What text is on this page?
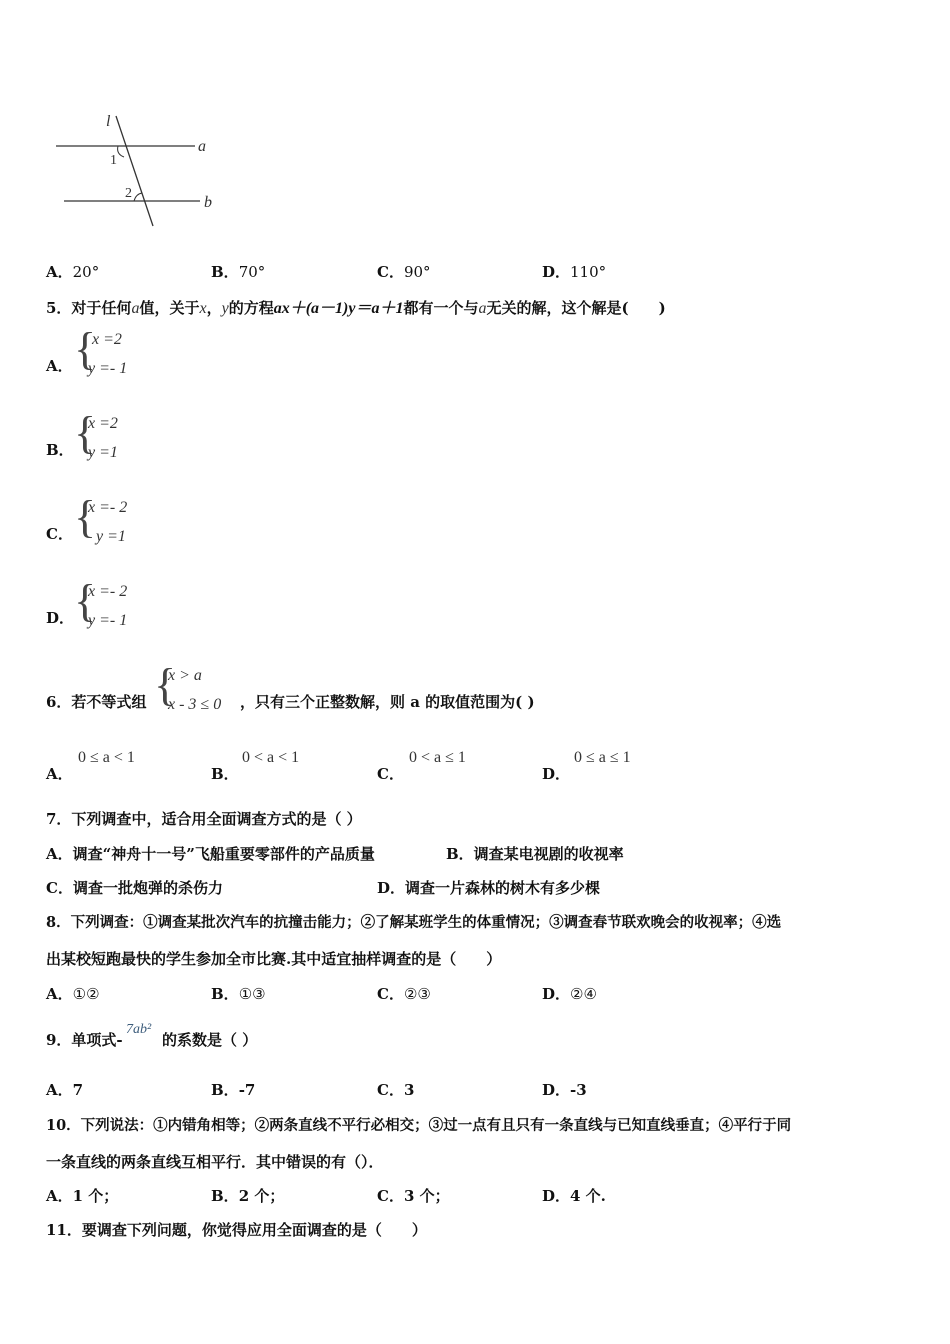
l
a
b
1
2
A．20°	B．70°	C．90°	D．110°
5．对于任何a值，关于x，y的方程ax＋(a－1)y＝a＋1都有一个与a无关的解，这个解是(　　)
A． {
x =2
y =- 1
B． {
x =2
y =1
C． {
x =- 2
y =1
D． {
x =- 2
y =- 1
6．若不等式组 {
x > a
x - 3 ≤ 0 ，只有三个正整数解，则 a 的取值范围为( )
A．
0 ≤ a < 1
B．
0 < a < 1
C．
0 < a ≤ 1
D．
0 ≤ a ≤ 1
7．下列调查中，适合用全面调查方式的是（ ）
A．调查“神舟十一号”飞船重要零部件的产品质量	B．调查某电视剧的收视率
C．调查一批炮弹的杀伤力	D．调查一片森林的树木有多少棵
8．下列调查：①调查某批次汽车的抗撞击能力；②了解某班学生的体重情况；③调查春节联欢晚会的收视率；④选
出某校短跑最快的学生参加全市比赛.其中适宜抽样调查的是（　　）
A．①②	B．①③	C．②③	D．②④
9．单项式-
7ab²
的系数是（ ）
A．7	B．-7	C．3	D．-3
10．下列说法：①内错角相等；②两条直线不平行必相交；③过一点有且只有一条直线与已知直线垂直；④平行于同
一条直线的两条直线互相平行．其中错误的有（）．
A．1 个；	B．2 个；	C．3 个；	D．4 个.
11．要调查下列问题，你觉得应用全面调查的是（　　）
